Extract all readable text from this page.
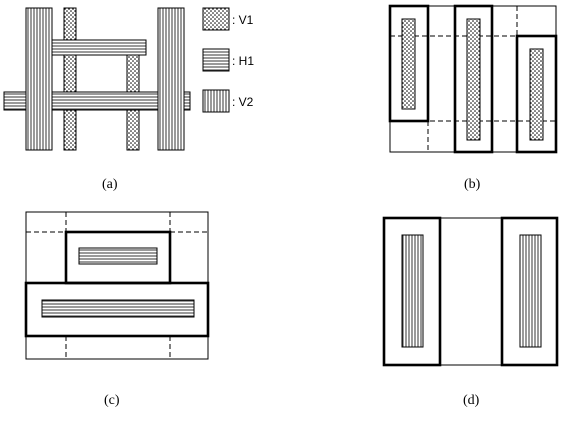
: V1
: H1
: V2
(a)	(b)
(c)	(d)
